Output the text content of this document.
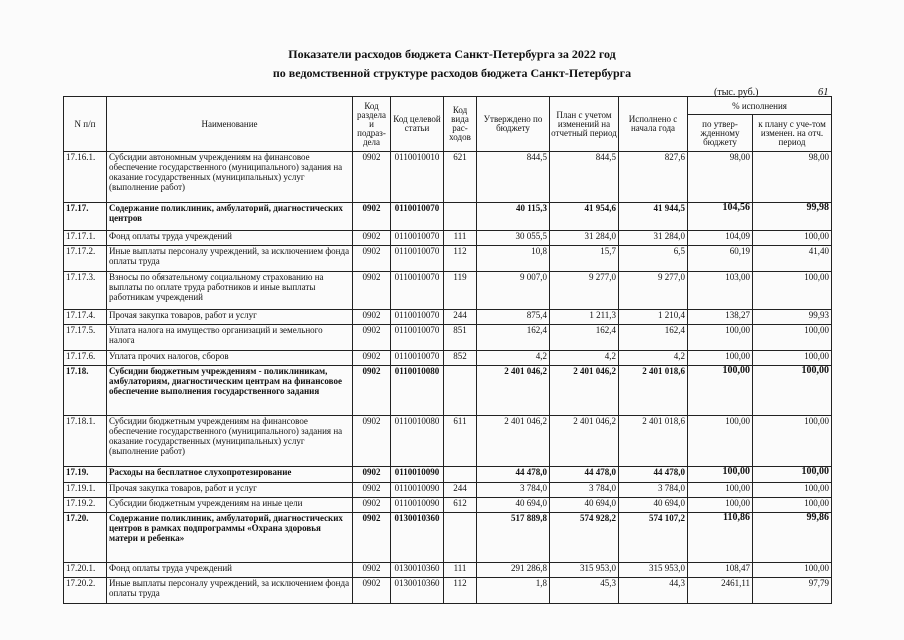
Показатели расходов бюджета Санкт-Петербурга за 2022 год
по ведомственной структуре расходов бюджета Санкт-Петербурга
(тыс. руб.)	61
N п/п	Наименование	Код раздела и подраз-дела	Код целевой статьи	Код вида рас-ходов	Утверждено по бюджету	План с учетом изменений на отчетный период	Исполнено с начала года	% исполнения	
								по утвер-жденному бюджету	к плану с уче-том изменен. на отч. период
17.16.1.	Субсидии автономным учреждениям на финансовое обеспечение государственного (муниципального) задания на оказание государственных (муниципальных) услуг (выполнение работ)	0902	0110010010	621	844,5	844,5	827,6	98,00	98,00
17.17.	Содержание поликлиник, амбулаторий, диагностических центров	0902	0110010070		40 115,3	41 954,6	41 944,5	104,56	99,98
17.17.1.	Фонд оплаты труда учреждений	0902	0110010070	111	30 055,5	31 284,0	31 284,0	104,09	100,00
17.17.2.	Иные выплаты персоналу учреждений, за исключением фонда оплаты труда	0902	0110010070	112	10,8	15,7	6,5	60,19	41,40
17.17.3.	Взносы по обязательному социальному страхованию на выплаты по оплате труда работников и иные выплаты работникам учреждений	0902	0110010070	119	9 007,0	9 277,0	9 277,0	103,00	100,00
17.17.4.	Прочая закупка товаров, работ и услуг	0902	0110010070	244	875,4	1 211,3	1 210,4	138,27	99,93
17.17.5.	Уплата налога на имущество организаций и земельного налога	0902	0110010070	851	162,4	162,4	162,4	100,00	100,00
17.17.6.	Уплата прочих налогов, сборов	0902	0110010070	852	4,2	4,2	4,2	100,00	100,00
17.18.	Субсидии бюджетным учреждениям - поликлиникам, амбулаториям, диагностическим центрам на финансовое обеспечение выполнения государственного задания	0902	0110010080		2 401 046,2	2 401 046,2	2 401 018,6	100,00	100,00
17.18.1.	Субсидии бюджетным учреждениям на финансовое обеспечение государственного (муниципального) задания на оказание государственных (муниципальных) услуг (выполнение работ)	0902	0110010080	611	2 401 046,2	2 401 046,2	2 401 018,6	100,00	100,00
17.19.	Расходы на бесплатное слухопротезирование	0902	0110010090		44 478,0	44 478,0	44 478,0	100,00	100,00
17.19.1.	Прочая закупка товаров, работ и услуг	0902	0110010090	244	3 784,0	3 784,0	3 784,0	100,00	100,00
17.19.2.	Субсидии бюджетным учреждениям на иные цели	0902	0110010090	612	40 694,0	40 694,0	40 694,0	100,00	100,00
17.20.	Содержание поликлиник, амбулаторий, диагностических центров в рамках подпрограммы «Охрана здоровья матери и ребенка»	0902	0130010360		517 889,8	574 928,2	574 107,2	110,86	99,86
17.20.1.	Фонд оплаты труда учреждений	0902	0130010360	111	291 286,8	315 953,0	315 953,0	108,47	100,00
17.20.2.	Иные выплаты персоналу учреждений, за исключением фонда оплаты труда	0902	0130010360	112	1,8	45,3	44,3	2461,11	97,79
